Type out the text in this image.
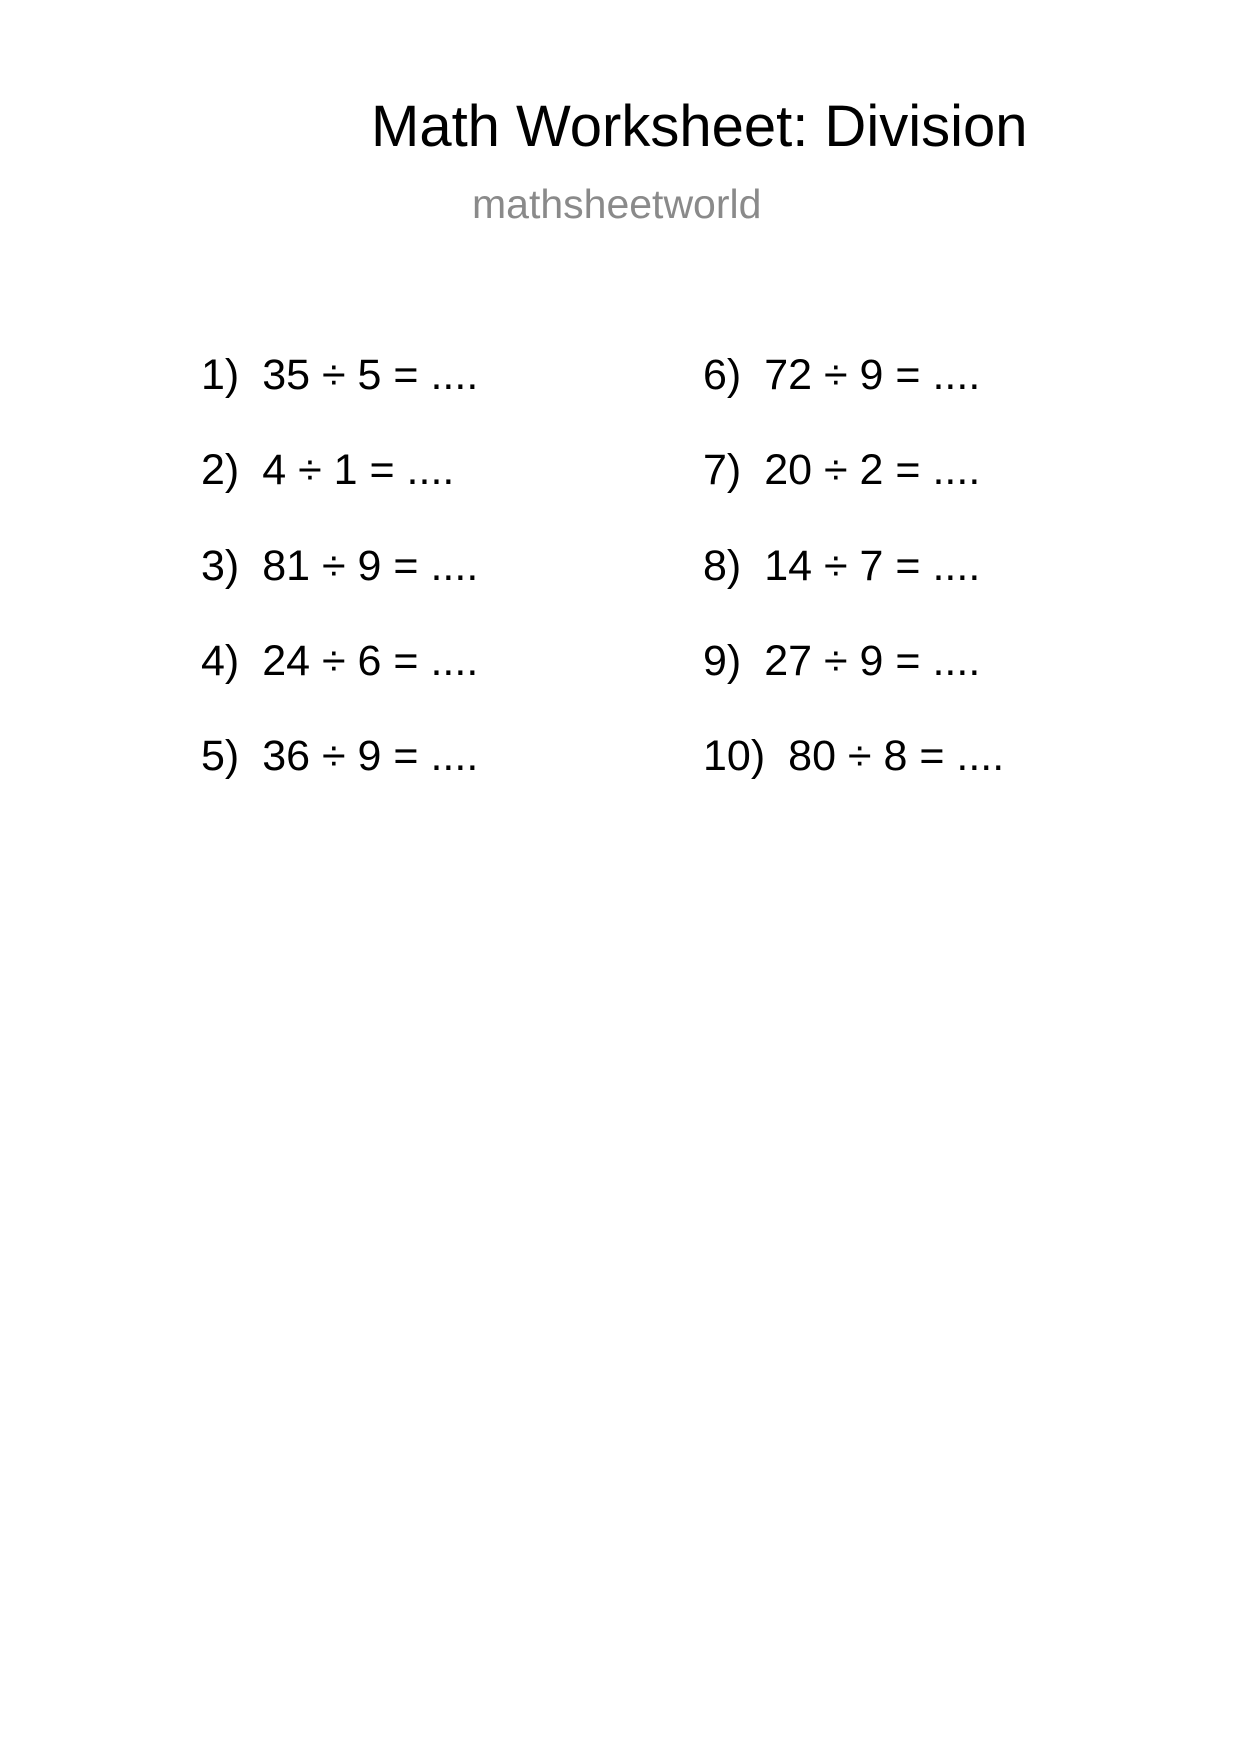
Math Worksheet: Division
mathsheetworld
1) 35 ÷ 5 = ....
2) 4 ÷ 1 = ....
3) 81 ÷ 9 = ....
4) 24 ÷ 6 = ....
5) 36 ÷ 9 = ....
6) 72 ÷ 9 = ....
7) 20 ÷ 2 = ....
8) 14 ÷ 7 = ....
9) 27 ÷ 9 = ....
10) 80 ÷ 8 = ....
